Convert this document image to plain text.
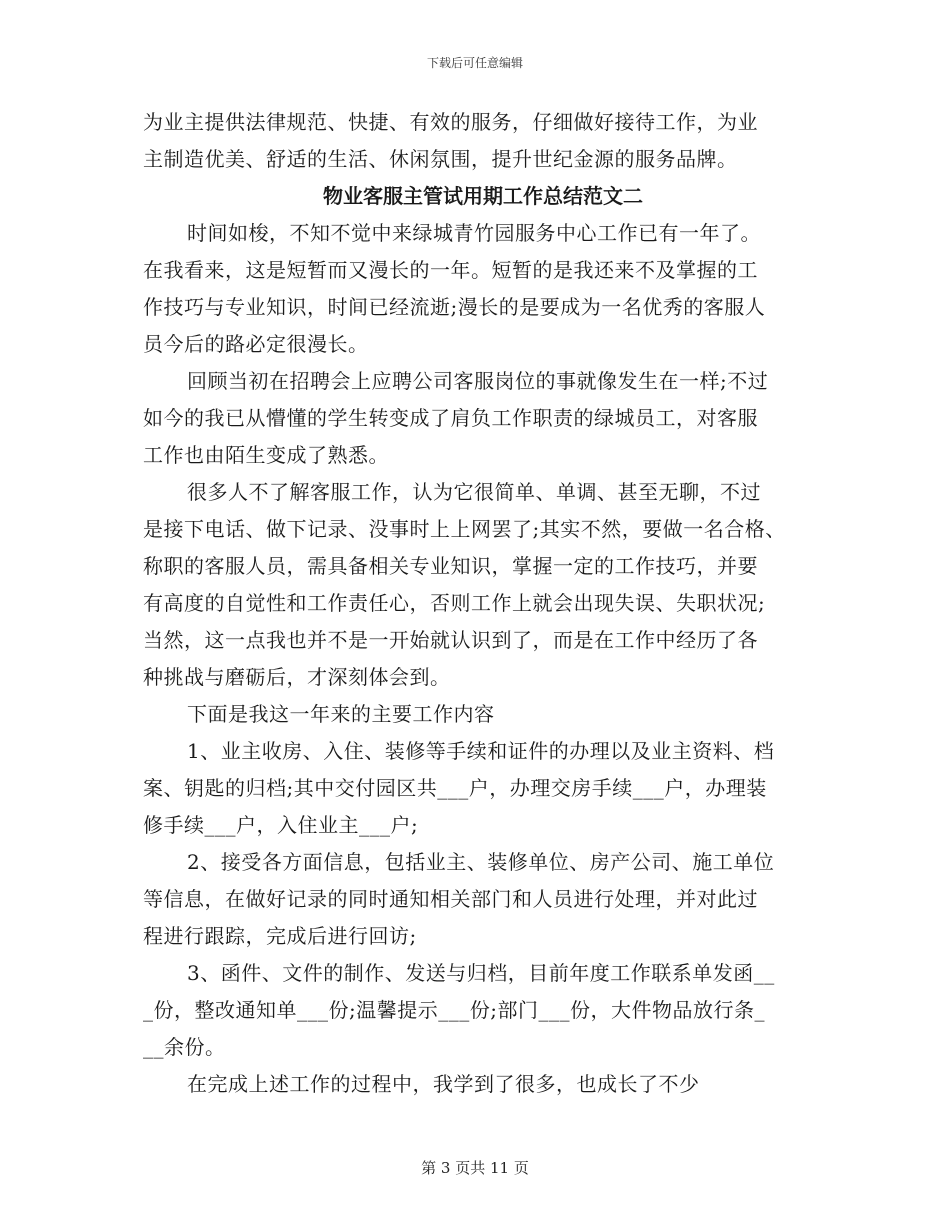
下载后可任意编辑
为业主提供法律规范、快捷、有效的服务，仔细做好接待工作，为业
主制造优美、舒适的生活、休闲氛围，提升世纪金源的服务品牌。
物业客服主管试用期工作总结范文二
时间如梭，不知不觉中来绿城青竹园服务中心工作已有一年了。
在我看来，这是短暂而又漫长的一年。短暂的是我还来不及掌握的工
作技巧与专业知识，时间已经流逝;漫长的是要成为一名优秀的客服人
员今后的路必定很漫长。
回顾当初在招聘会上应聘公司客服岗位的事就像发生在一样;不过
如今的我已从懵懂的学生转变成了肩负工作职责的绿城员工，对客服
工作也由陌生变成了熟悉。
很多人不了解客服工作，认为它很简单、单调、甚至无聊，不过
是接下电话、做下记录、没事时上上网罢了;其实不然，要做一名合格、
称职的客服人员，需具备相关专业知识，掌握一定的工作技巧，并要
有高度的自觉性和工作责任心，否则工作上就会出现失误、失职状况;
当然，这一点我也并不是一开始就认识到了，而是在工作中经历了各
种挑战与磨砺后，才深刻体会到。
下面是我这一年来的主要工作内容
1、业主收房、入住、装修等手续和证件的办理以及业主资料、档
案、钥匙的归档;其中交付园区共___户，办理交房手续___户，办理装
修手续___户，入住业主___户;
2、接受各方面信息，包括业主、装修单位、房产公司、施工单位
等信息，在做好记录的同时通知相关部门和人员进行处理，并对此过
程进行跟踪，完成后进行回访;
3、函件、文件的制作、发送与归档，目前年度工作联系单发函__
_份，整改通知单___份;温馨提示___份;部门___份，大件物品放行条_
__余份。
在完成上述工作的过程中，我学到了很多，也成长了不少
第 3 页共 11 页
